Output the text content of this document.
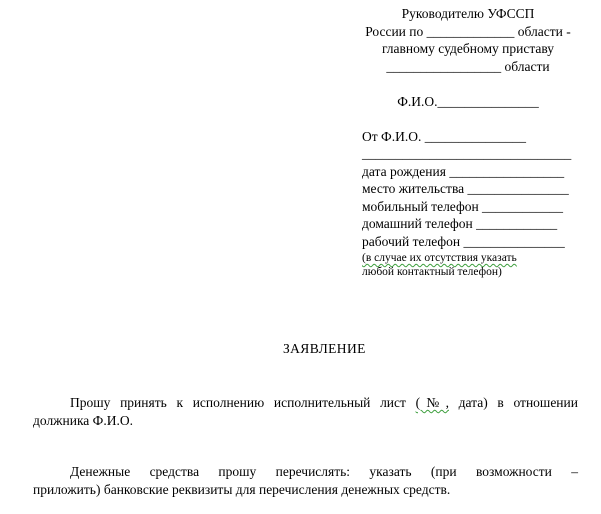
Руководителю УФССП
России по _____________ области -
главному судебному приставу
_________________ области
Ф.И.О._______________
От Ф.И.О. _______________
_______________________________
дата рождения _________________
место жительства _______________
мобильный телефон ____________
домашний телефон ____________
рабочий телефон _______________
(в случае их отсутствия указать
любой контактный телефон)
ЗАЯВЛЕНИЕ
Прошу принять к исполнению исполнительный лист (№, дата) в отношении
должника Ф.И.О.
Денежные средства прошу перечислять: указать (при возможности –
приложить) банковские реквизиты для перечисления денежных средств.
